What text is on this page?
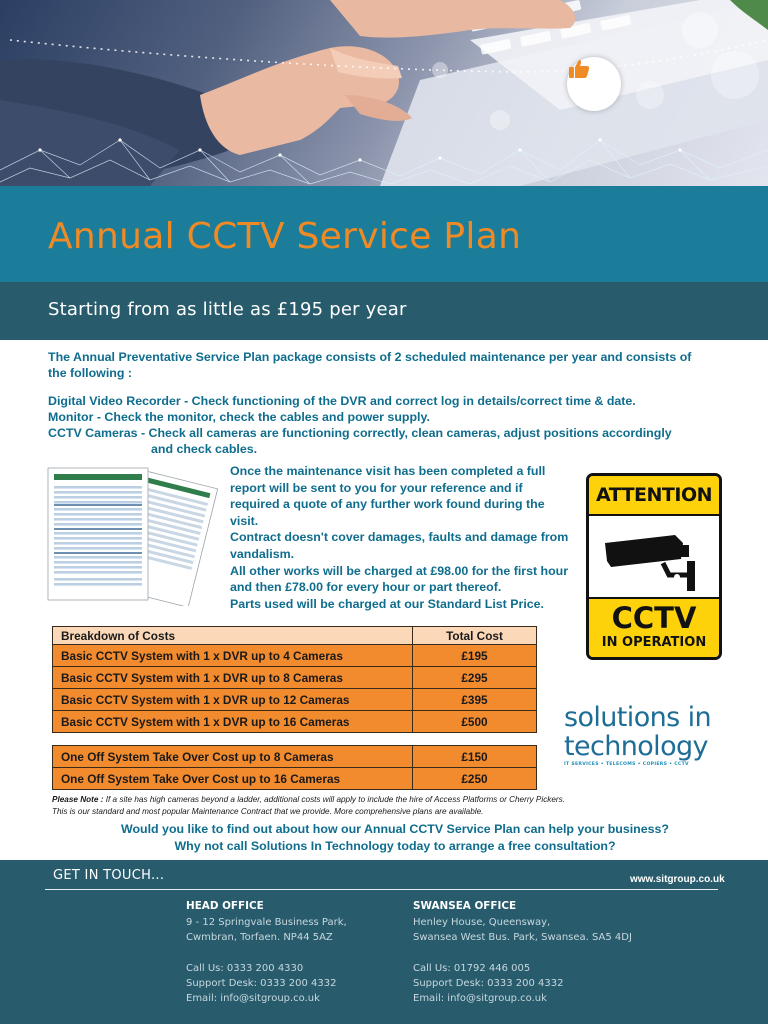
Annual CCTV Service Plan
Starting from as little as £195 per year

The Annual Preventative Service Plan package consists of 2 scheduled maintenance per year and consists of the following :

Digital Video Recorder - Check functioning of the DVR and correct log in details/correct time & date.
Monitor - Check the monitor, check the cables and power supply.
CCTV Cameras - Check all cameras are functioning correctly, clean cameras, adjust positions accordingly
and check cables.
Once the maintenance visit has been completed a full report will be sent to you for your reference and if required a quote of any further work found during the visit.
Contract doesn't cover damages, faults and damage from vandalism.
All other works will be charged at £98.00 for the first hour and then £78.00 for every hour or part thereof.
Parts used will be charged at our Standard List Price.
ATTENTION
CCTV
IN OPERATION
Breakdown of Costs	Total Cost
Basic CCTV System with 1 x DVR up to 4 Cameras	£195
Basic CCTV System with 1 x DVR up to 8 Cameras	£295
Basic CCTV System with 1 x DVR up to 12 Cameras	£395
Basic CCTV System with 1 x DVR up to 16 Cameras	£500
One Off System Take Over Cost up to 8 Cameras	£150
One Off System Take Over Cost up to 16 Cameras	£250
solutions in
technology
IT SERVICES • TELECOMS • COPIERS • CCTV
Please Note : If a site has high cameras beyond a ladder, additional costs will apply to include the hire of Access Platforms or Cherry Pickers.
This is our standard and most popular Maintenance Contract that we provide. More comprehensive plans are available.
Would you like to find out about how our Annual CCTV Service Plan can help your business?
Why not call Solutions In Technology today to arrange a free consultation?
GET IN TOUCH...	www.sitgroup.co.uk
HEAD OFFICE
9 - 12 Springvale Business Park,
Cwmbran, Torfaen. NP44 5AZ
Call Us: 0333 200 4330
Support Desk: 0333 200 4332
Email: info@sitgroup.co.uk
SWANSEA OFFICE
Henley House, Queensway,
Swansea West Bus. Park, Swansea. SA5 4DJ
Call Us: 01792 446 005
Support Desk: 0333 200 4332
Email: info@sitgroup.co.uk
